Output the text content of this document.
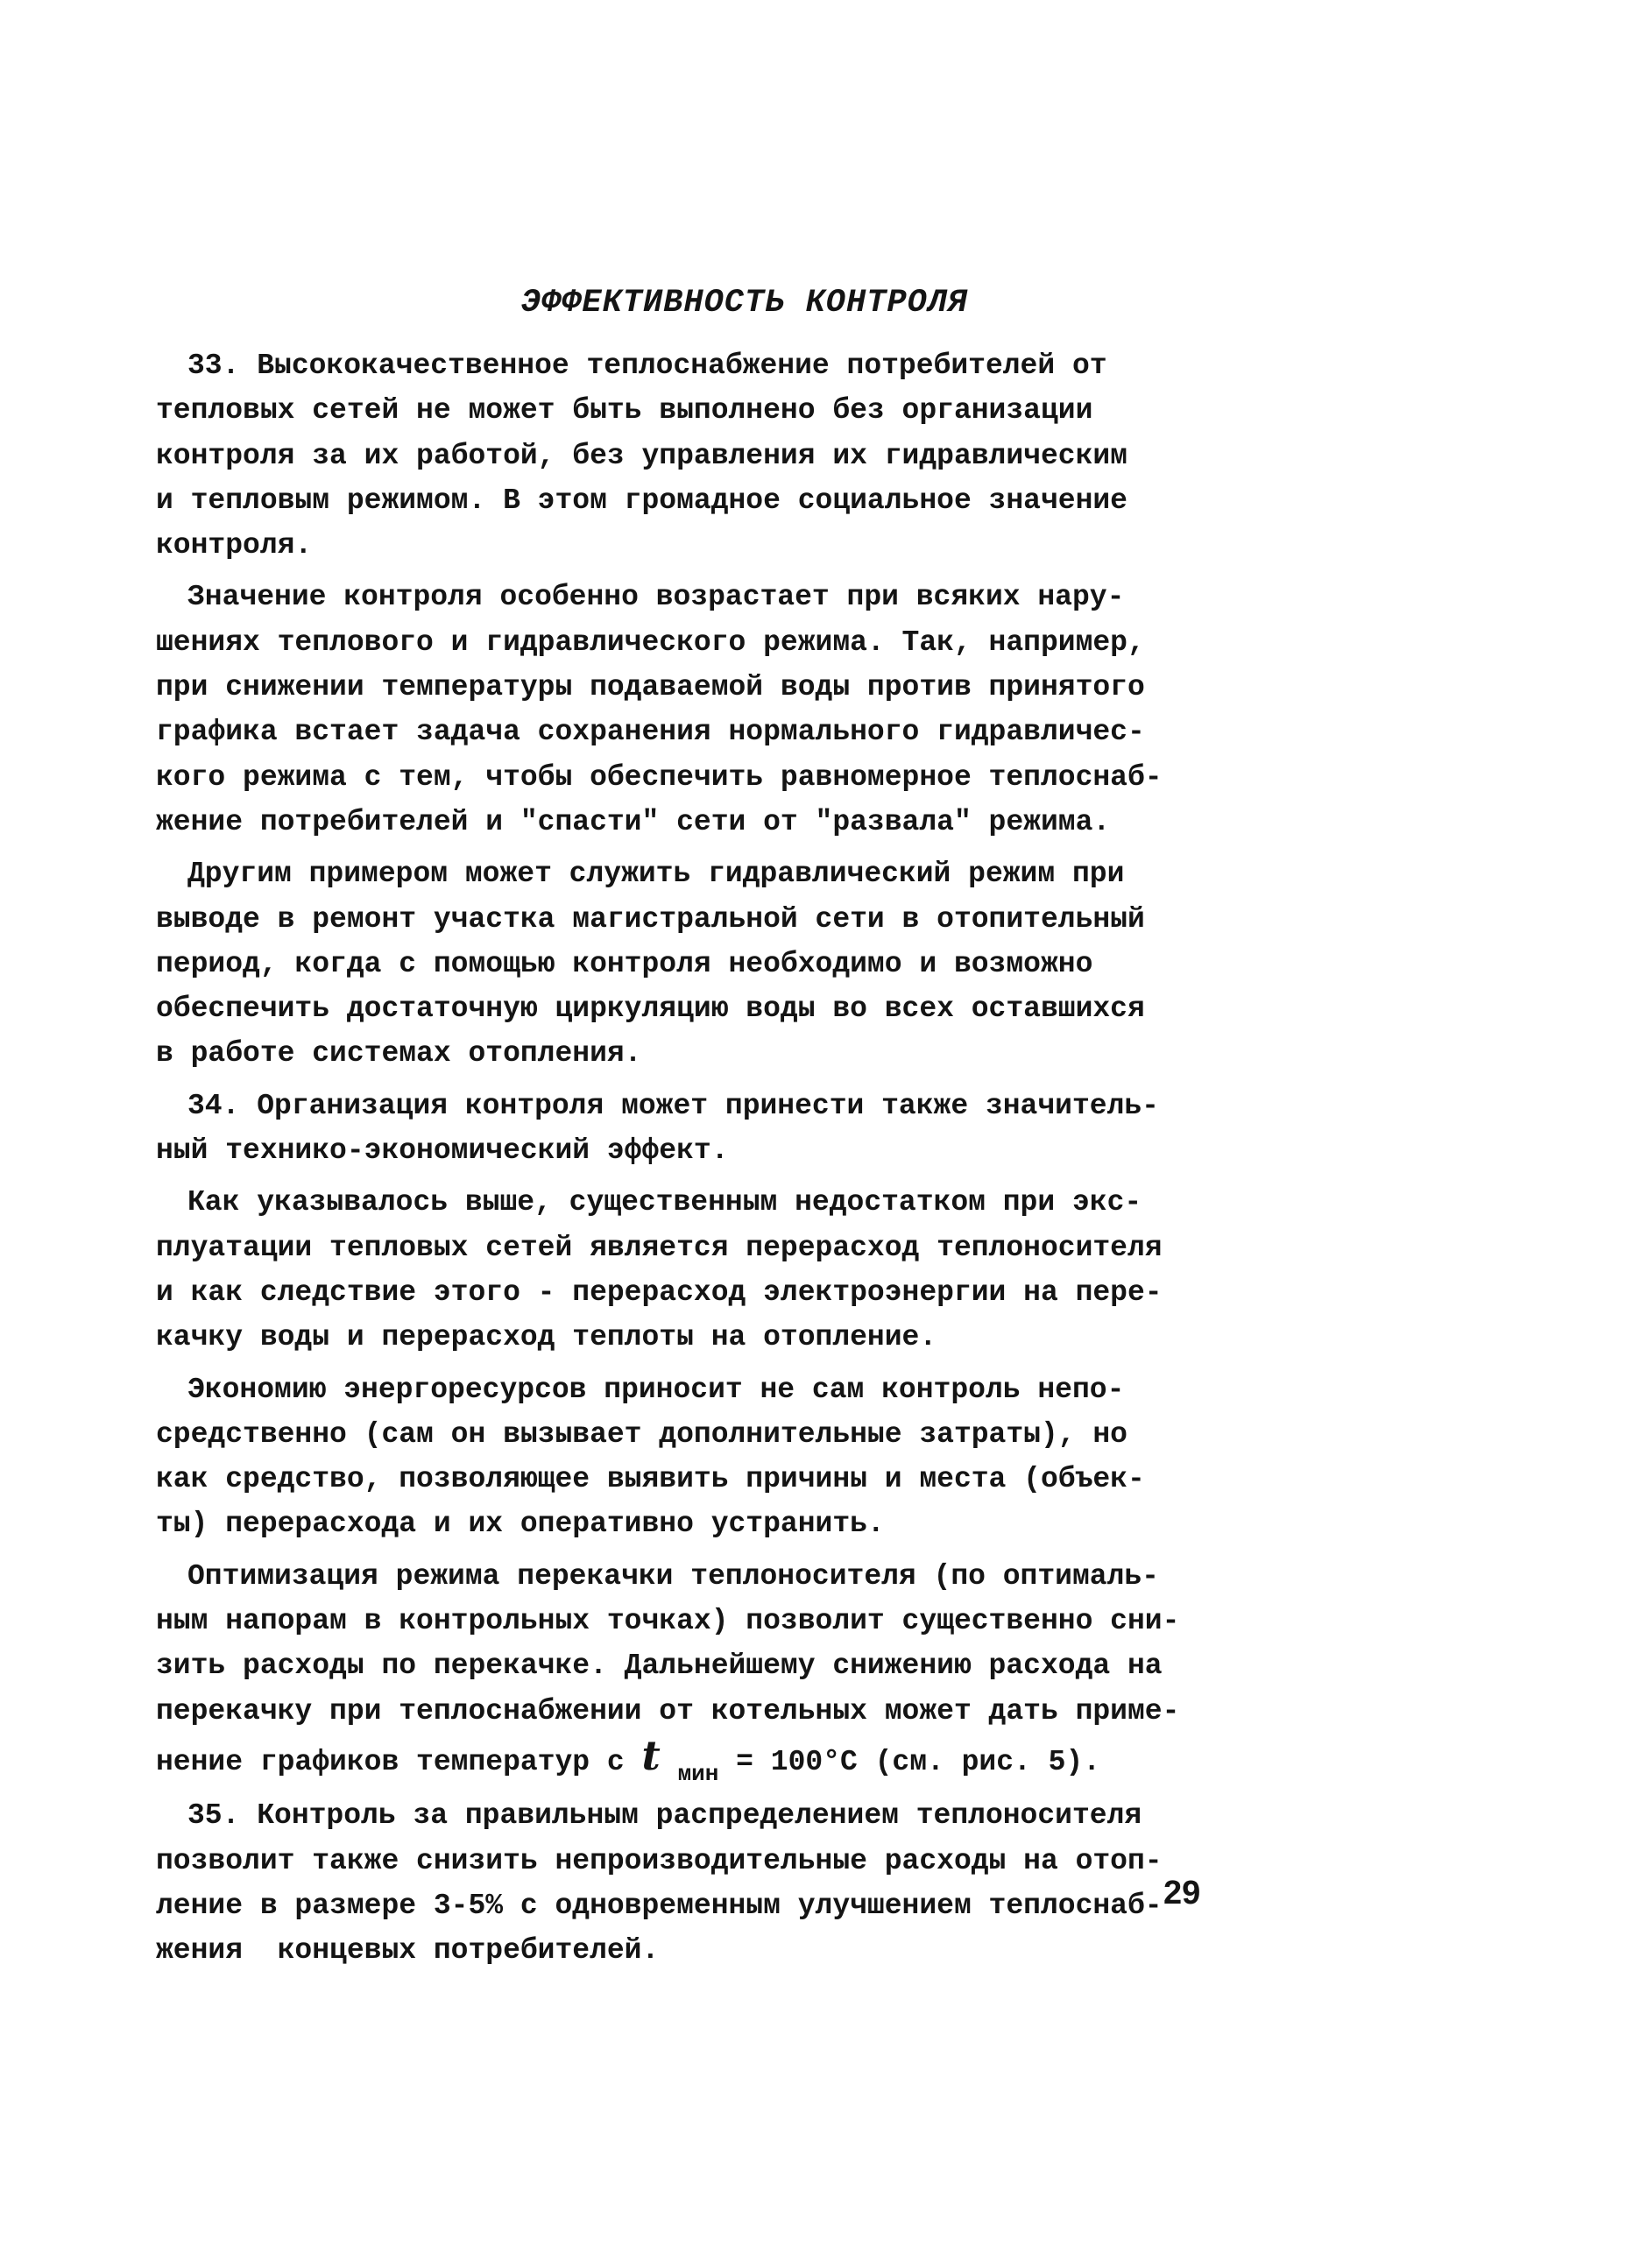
ЭФФЕКТИВНОСТЬ КОНТРОЛЯ
33. Высококачественное теплоснабжение потребителей от
тепловых сетей не может быть выполнено без организации
контроля за их работой, без управления их гидравлическим
и тепловым режимом. В этом громадное социальное значение
контроля.
Значение контроля особенно возрастает при всяких нару-
шениях теплового и гидравлического режима. Так, например,
при снижении температуры подаваемой воды против принятого
графика встает задача сохранения нормального гидравличес-
кого режима с тем, чтобы обеспечить равномерное теплоснаб-
жение потребителей и "спасти" сети от "развала" режима.
Другим примером может служить гидравлический режим при
выводе в ремонт участка магистральной сети в отопительный
период, когда с помощью контроля необходимо и возможно
обеспечить достаточную циркуляцию воды во всех оставшихся
в работе системах отопления.
34. Организация контроля может принести также значитель-
ный технико-экономический эффект.
Как указывалось выше, существенным недостатком при экс-
плуатации тепловых сетей является перерасход теплоносителя
и как следствие этого - перерасход электроэнергии на пере-
качку воды и перерасход теплоты на отопление.
Экономию энергоресурсов приносит не сам контроль непо-
средственно (сам он вызывает дополнительные затраты), но
как средство, позволяющее выявить причины и места (объек-
ты) перерасхода и их оперативно устранить.
Оптимизация режима перекачки теплоносителя (по оптималь-
ным напорам в контрольных точках) позволит существенно сни-
зить расходы по перекачке. Дальнейшему снижению расхода на
перекачку при теплоснабжении от котельных может дать приме-
нение графиков температур с t $_{мин}$ = 100°С (см. рис. 5).
35. Контроль за правильным распределением теплоносителя
позволит также снизить непроизводительные расходы на отоп-
ление в размере 3-5% с одновременным улучшением теплоснаб-
жения  концевых потребителей.
29
